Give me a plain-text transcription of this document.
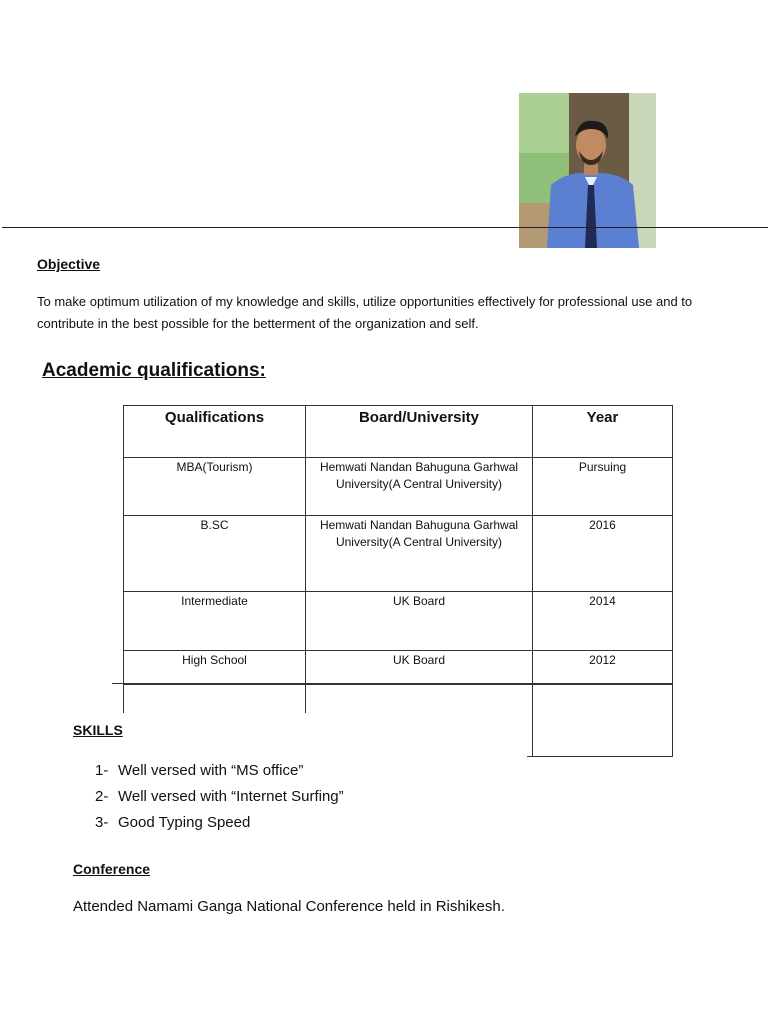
Objective
To make optimum utilization of my knowledge and skills, utilize opportunities effectively for professional use and to contribute in the best possible for the betterment of the organization and self.
Academic qualifications:
Qualifications	Board/University	Year
MBA(Tourism)	Hemwati Nandan Bahuguna Garhwal University(A Central University)	Pursuing
B.SC	Hemwati Nandan Bahuguna Garhwal University(A Central University)	2016
Intermediate	UK Board	2014
High School	UK Board	2012
SKILLS
1- Well versed with “MS office”
2- Well versed with “Internet Surfing”
3- Good Typing Speed
Conference
Attended Namami Ganga National Conference held in Rishikesh.
